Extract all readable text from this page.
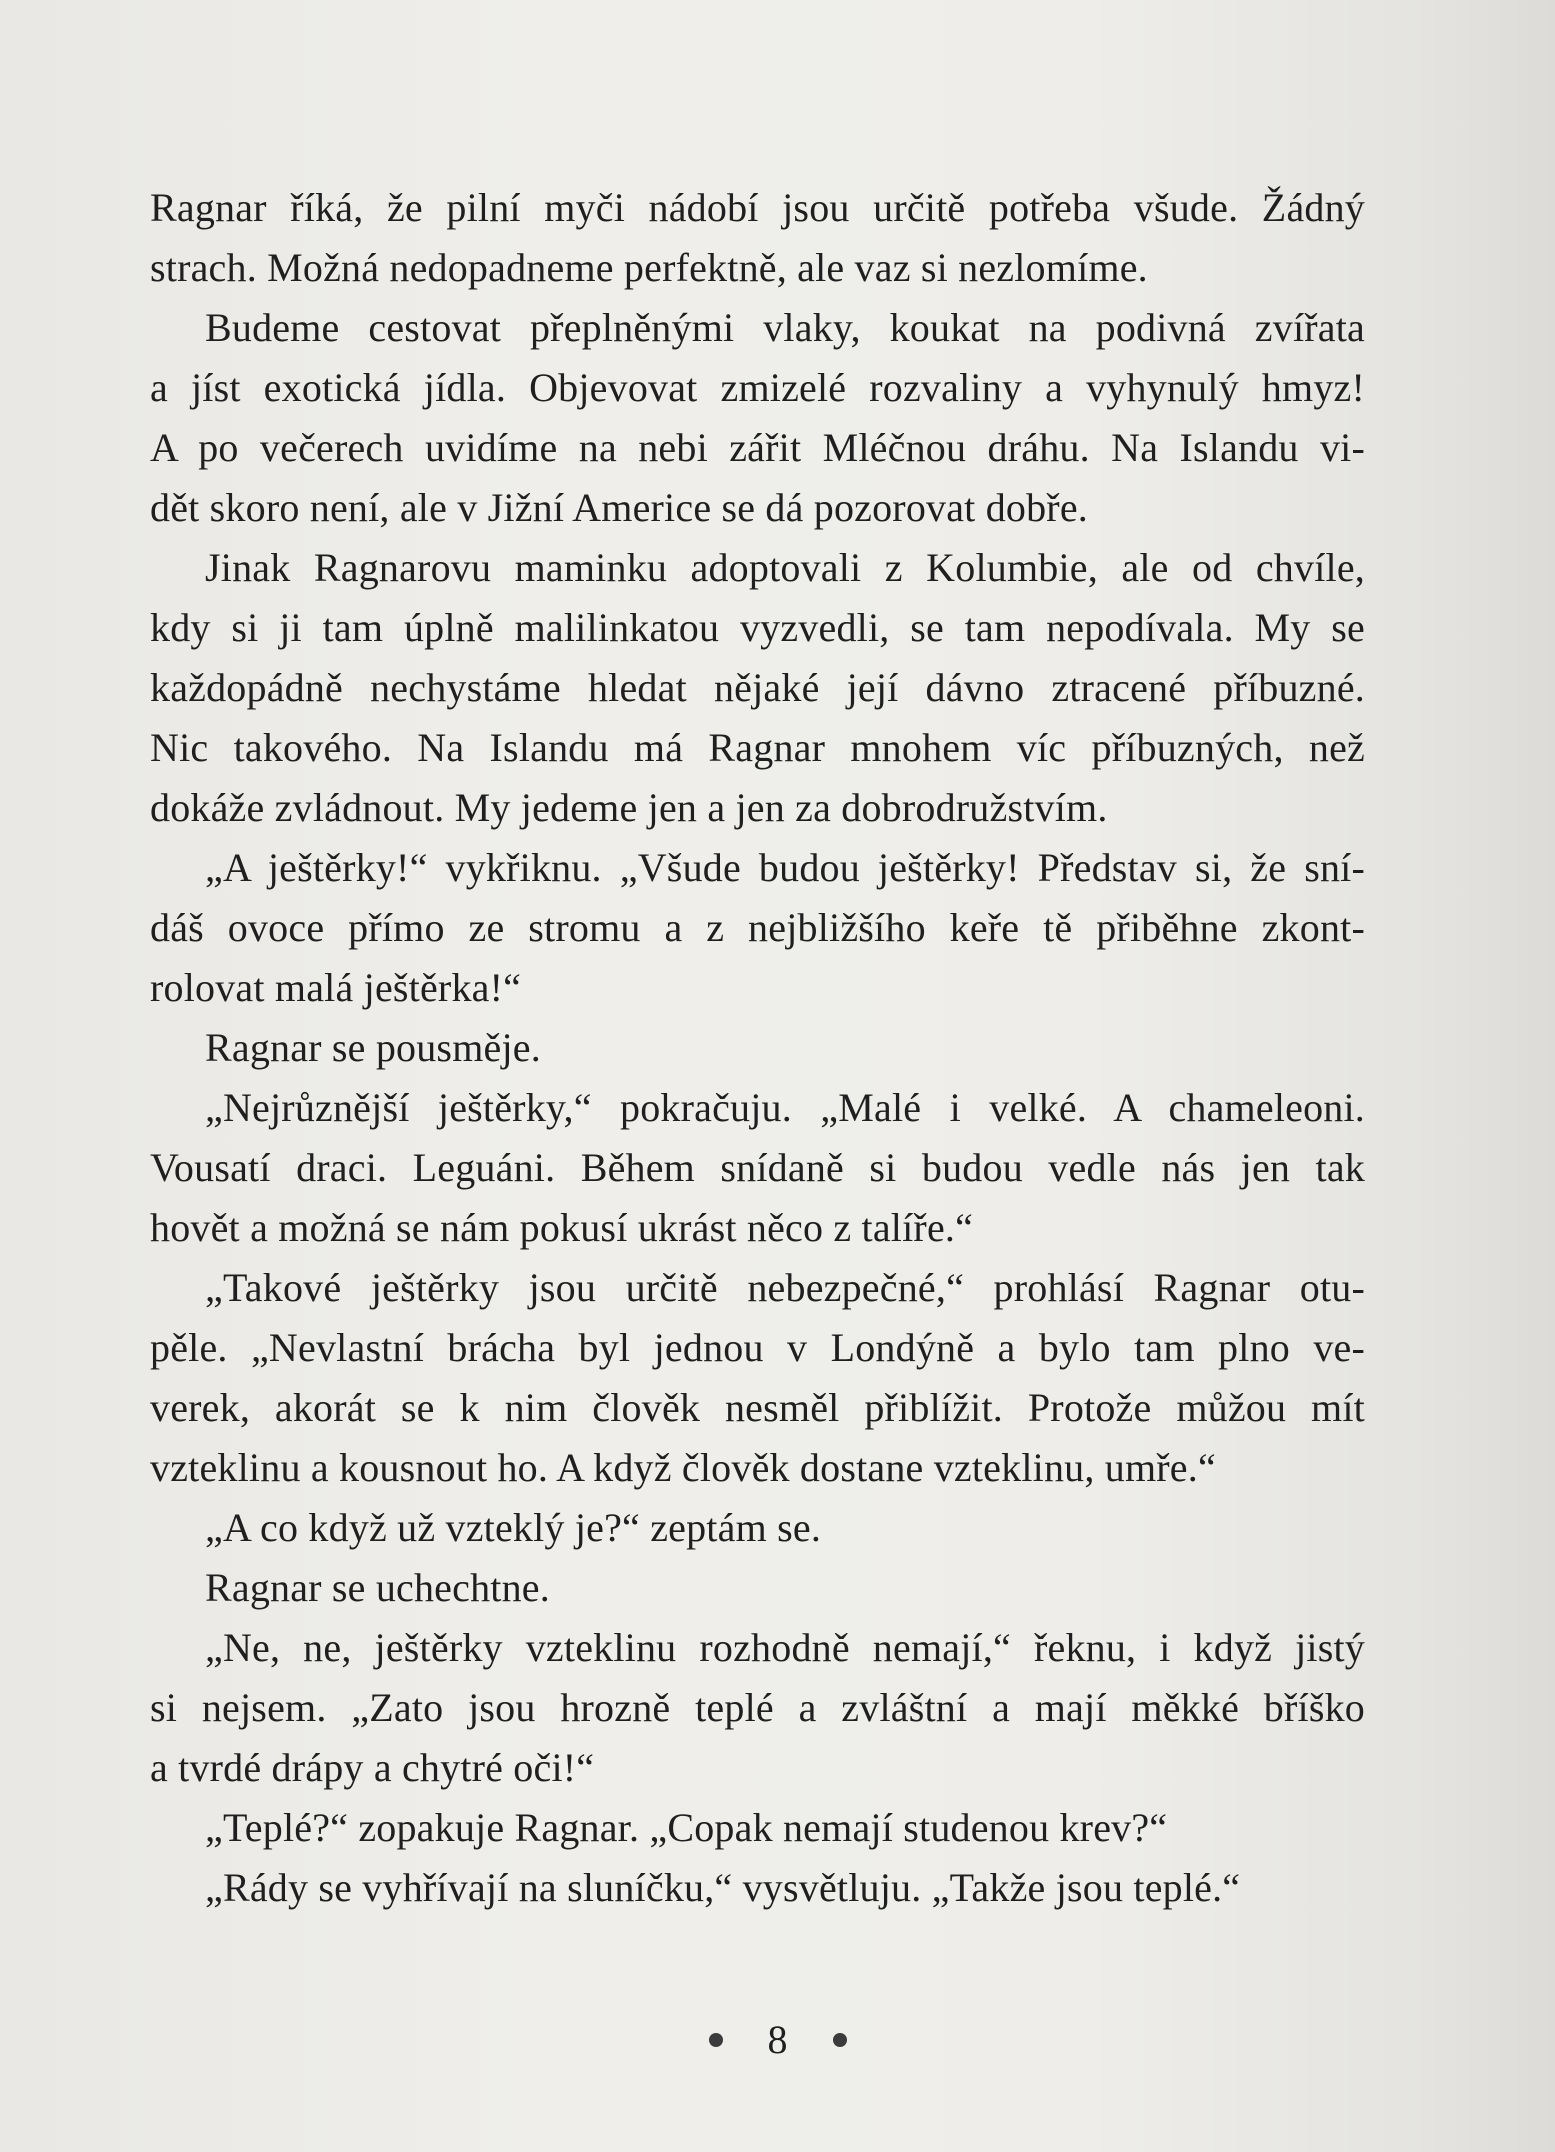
Ragnar říká, že pilní myči nádobí jsou určitě potřeba všude. Žádný
strach. Možná nedopadneme perfektně, ale vaz si nezlomíme.
Budeme cestovat přeplněnými vlaky, koukat na podivná zvířata
a jíst exotická jídla. Objevovat zmizelé rozvaliny a vyhynulý hmyz!
A po večerech uvidíme na nebi zářit Mléčnou dráhu. Na Islandu vi-
dět skoro není, ale v Jižní Americe se dá pozorovat dobře.
Jinak Ragnarovu maminku adoptovali z Kolumbie, ale od chvíle,
kdy si ji tam úplně malilinkatou vyzvedli, se tam nepodívala. My se
každopádně nechystáme hledat nějaké její dávno ztracené příbuzné.
Nic takového. Na Islandu má Ragnar mnohem víc příbuzných, než
dokáže zvládnout. My jedeme jen a jen za dobrodružstvím.
„A ještěrky!“ vykřiknu. „Všude budou ještěrky! Představ si, že sní-
dáš ovoce přímo ze stromu a z nejbližšího keře tě přiběhne zkont-
rolovat malá ještěrka!“
Ragnar se pousměje.
„Nejrůznější ještěrky,“ pokračuju. „Malé i velké. A chameleoni.
Vousatí draci. Leguáni. Během snídaně si budou vedle nás jen tak
hovět a možná se nám pokusí ukrást něco z talíře.“
„Takové ještěrky jsou určitě nebezpečné,“ prohlásí Ragnar otu-
pěle. „Nevlastní brácha byl jednou v Londýně a bylo tam plno ve-
verek, akorát se k nim člověk nesměl přiblížit. Protože můžou mít
vzteklinu a kousnout ho. A když člověk dostane vzteklinu, umře.“
„A co když už vzteklý je?“ zeptám se.
Ragnar se uchechtne.
„Ne, ne, ještěrky vzteklinu rozhodně nemají,“ řeknu, i když jistý
si nejsem. „Zato jsou hrozně teplé a zvláštní a mají měkké bříško
a tvrdé drápy a chytré oči!“
„Teplé?“ zopakuje Ragnar. „Copak nemají studenou krev?“
„Rády se vyhřívají na sluníčku,“ vysvětluju. „Takže jsou teplé.“
8
